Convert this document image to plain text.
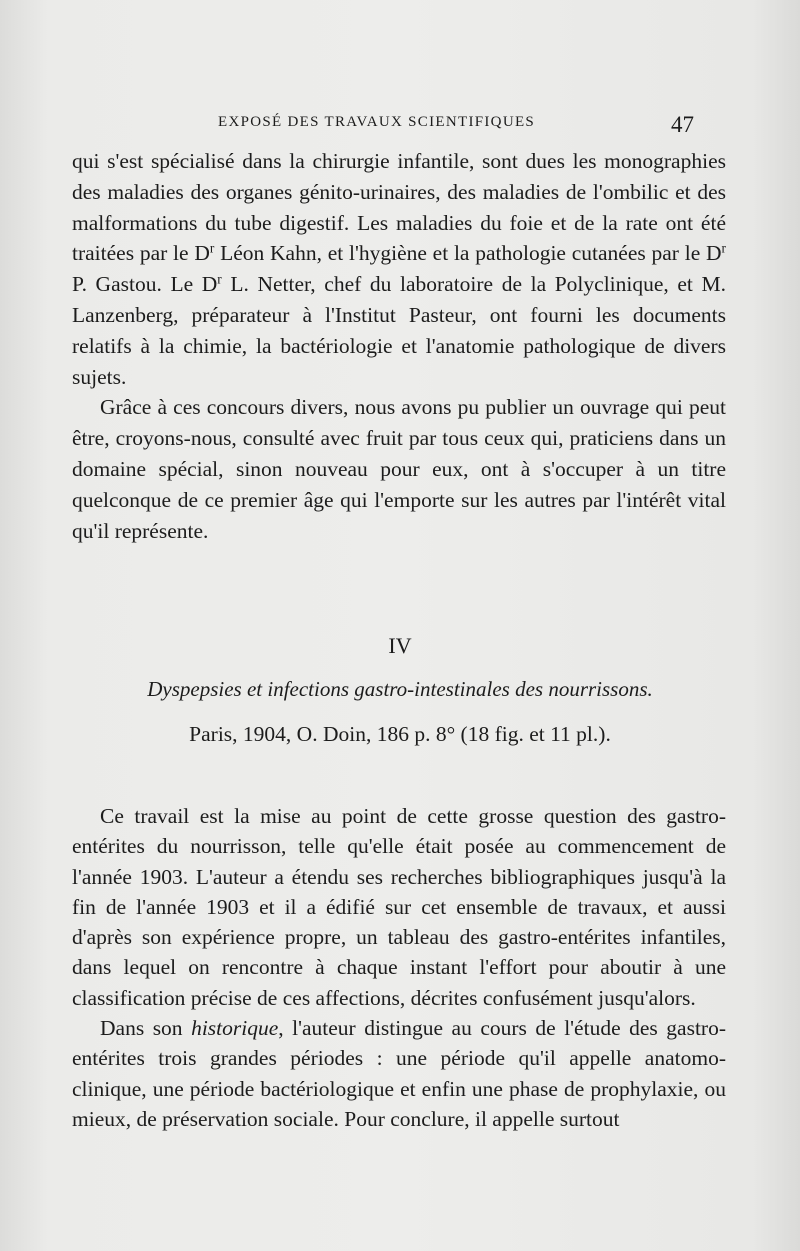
EXPOSÉ DES TRAVAUX SCIENTIFIQUES	47

qui s'est spécialisé dans la chirurgie infantile, sont dues les monographies des maladies des organes génito-urinaires, des maladies de l'ombilic et des malformations du tube digestif. Les maladies du foie et de la rate ont été traitées par le $D^r$ Léon Kahn, et l'hygiène et la pathologie cutanées par le $D^r$ P. Gastou. Le $D^r$ L. Netter, chef du laboratoire de la Polyclinique, et M. Lanzenberg, préparateur à l'Institut Pasteur, ont fourni les documents relatifs à la chimie, la bactériologie et l'anatomie pathologique de divers sujets.

Grâce à ces concours divers, nous avons pu publier un ouvrage qui peut être, croyons-nous, consulté avec fruit par tous ceux qui, praticiens dans un domaine spécial, sinon nouveau pour eux, ont à s'occuper à un titre quelconque de ce premier âge qui l'emporte sur les autres par l'intérêt vital qu'il représente.

IV
Dyspepsies et infections gastro-intestinales des nourrissons.
Paris, 1904, O. Doin, 186 p. 8° (18 fig. et 11 pl.).

Ce travail est la mise au point de cette grosse question des gastro-entérites du nourrisson, telle qu'elle était posée au commencement de l'année 1903. L'auteur a étendu ses recherches bibliographiques jusqu'à la fin de l'année 1903 et il a édifié sur cet ensemble de travaux, et aussi d'après son expérience propre, un tableau des gastro-entérites infantiles, dans lequel on rencontre à chaque instant l'effort pour aboutir à une classification précise de ces affections, décrites confusément jusqu'alors.

Dans son historique, l'auteur distingue au cours de l'étude des gastro-entérites trois grandes périodes : une période qu'il appelle anatomo-clinique, une période bactériologique et enfin une phase de prophylaxie, ou mieux, de préservation sociale. Pour conclure, il appelle surtout
